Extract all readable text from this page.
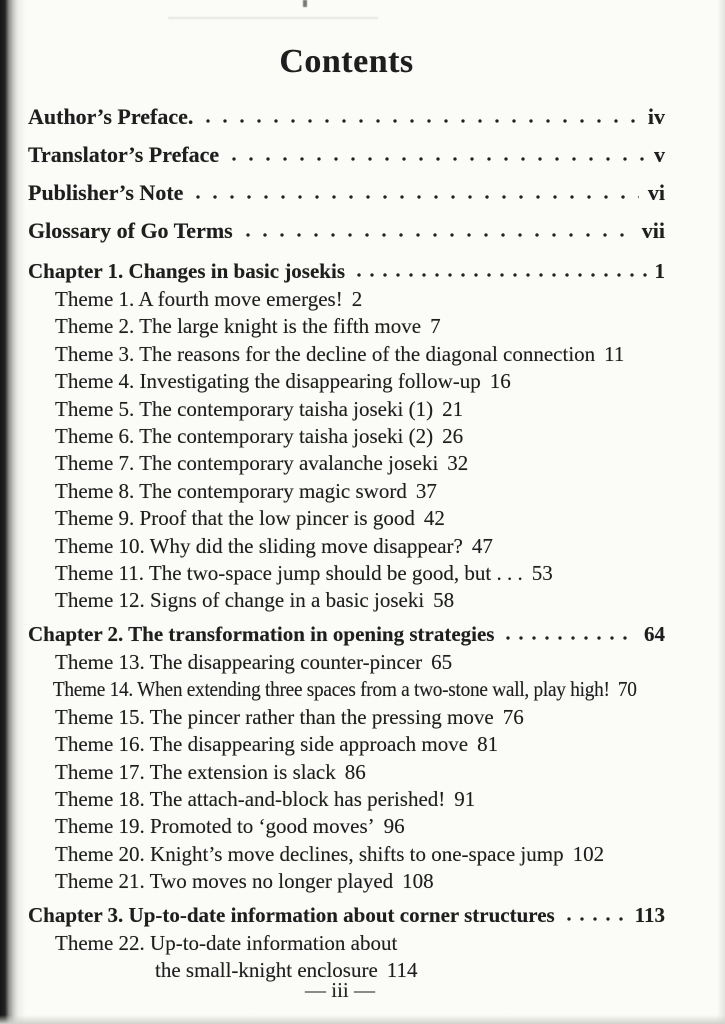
Contents
Author’s Preface.	iv
Translator’s Preface	v
Publisher’s Note	vi
Glossary of Go Terms	vii
Chapter 1. Changes in basic josekis	1
Theme 1. A fourth move emerges! 2
Theme 2. The large knight is the fifth move 7
Theme 3. The reasons for the decline of the diagonal connection 11
Theme 4. Investigating the disappearing follow-up 16
Theme 5. The contemporary taisha joseki (1) 21
Theme 6. The contemporary taisha joseki (2) 26
Theme 7. The contemporary avalanche joseki 32
Theme 8. The contemporary magic sword 37
Theme 9. Proof that the low pincer is good 42
Theme 10. Why did the sliding move disappear? 47
Theme 11. The two-space jump should be good, but . . . 53
Theme 12. Signs of change in a basic joseki 58
Chapter 2. The transformation in opening strategies	64
Theme 13. The disappearing counter-pincer 65
Theme 14. When extending three spaces from a two-stone wall, play high! 70
Theme 15. The pincer rather than the pressing move 76
Theme 16. The disappearing side approach move 81
Theme 17. The extension is slack 86
Theme 18. The attach-and-block has perished! 91
Theme 19. Promoted to ‘good moves’ 96
Theme 20. Knight’s move declines, shifts to one-space jump 102
Theme 21. Two moves no longer played 108
Chapter 3. Up-to-date information about corner structures	113
Theme 22. Up-to-date information about
the small-knight enclosure 114
— iii —
